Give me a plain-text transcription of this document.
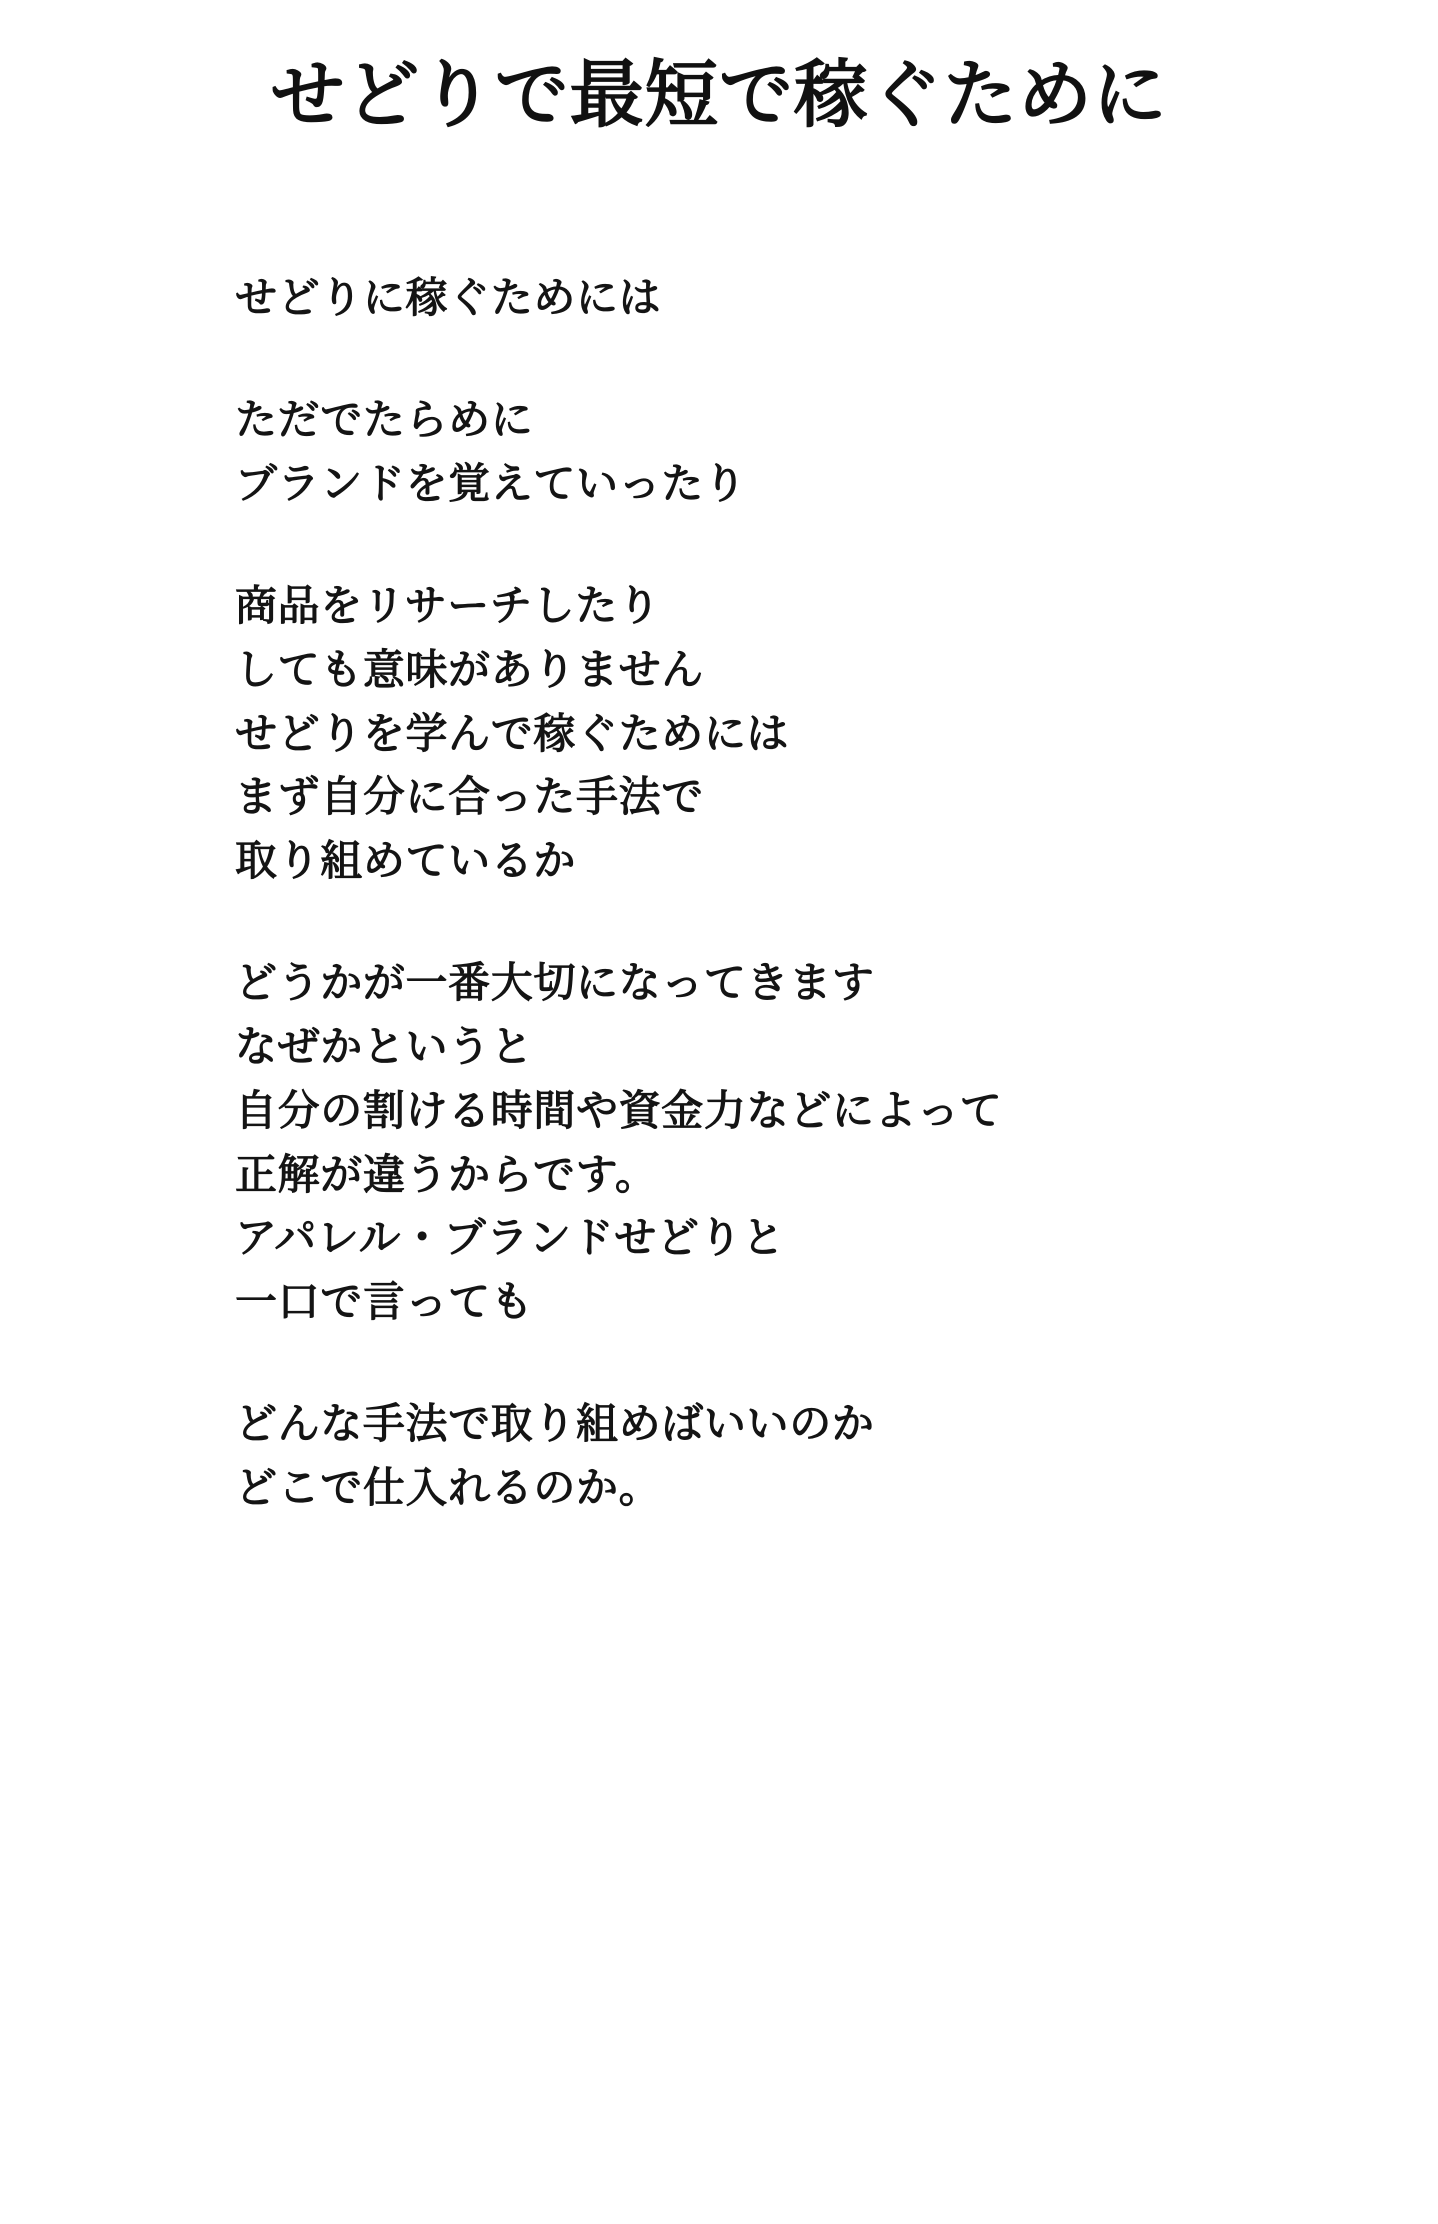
せどりで最短で稼ぐために
せどりに稼ぐためには
ただでたらめに
ブランドを覚えていったり
商品をリサーチしたり
しても意味がありません
せどりを学んで稼ぐためには
まず自分に合った手法で
取り組めているか
どうかが一番大切になってきます
なぜかというと
自分の割ける時間や資金力などによって
正解が違うからです。
アパレル・ブランドせどりと
一口で言っても
どんな手法で取り組めばいいのか
どこで仕入れるのか。
